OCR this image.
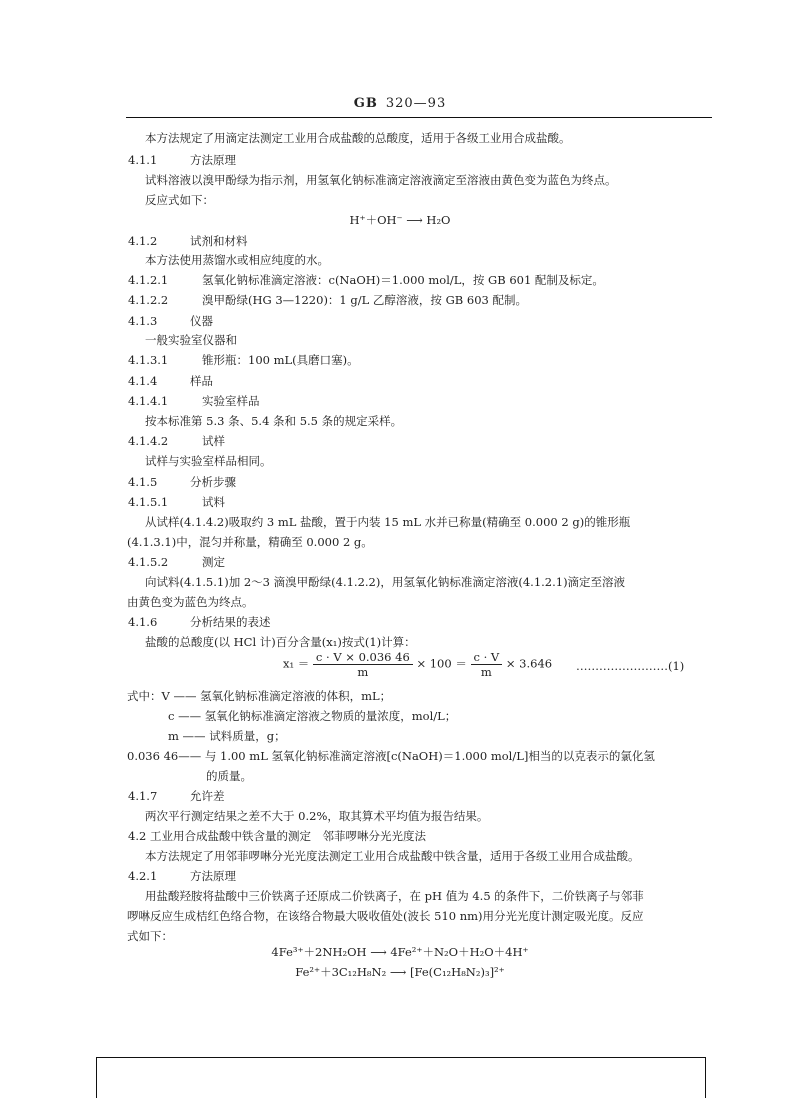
GB 320—93
本方法规定了用滴定法测定工业用合成盐酸的总酸度，适用于各级工业用合成盐酸。
4.1.1	方法原理
试料溶液以溴甲酚绿为指示剂，用氢氧化钠标准滴定溶液滴定至溶液由黄色变为蓝色为终点。
反应式如下：
H⁺＋OH⁻ ⟶ H₂O
4.1.2	试剂和材料
本方法使用蒸馏水或相应纯度的水。
4.1.2.1	氢氧化钠标准滴定溶液：c(NaOH)＝1.000 mol/L，按 GB 601 配制及标定。
4.1.2.2	溴甲酚绿(HG 3—1220)：1 g/L 乙醇溶液，按 GB 603 配制。
4.1.3	仪器
一般实验室仪器和
4.1.3.1	锥形瓶：100 mL(具磨口塞)。
4.1.4	样品
4.1.4.1	实验室样品
按本标准第 5.3 条、5.4 条和 5.5 条的规定采样。
4.1.4.2	试样
试样与实验室样品相同。
4.1.5	分析步骤
4.1.5.1	试料
从试样(4.1.4.2)吸取约 3 mL 盐酸，置于内装 15 mL 水并已称量(精确至 0.000 2 g)的锥形瓶
(4.1.3.1)中，混匀并称量，精确至 0.000 2 g。
4.1.5.2	测定
向试料(4.1.5.1)加 2～3 滴溴甲酚绿(4.1.2.2)，用氢氧化钠标准滴定溶液(4.1.2.1)滴定至溶液
由黄色变为蓝色为终点。
4.1.6	分析结果的表述
盐酸的总酸度(以 HCl 计)百分含量(x₁)按式(1)计算：
$x_1 = \frac{c \cdot V \times 0.036 46}{m} \times 100 = \frac{c \cdot V}{m} \times 3.646$ ……………………(1)
式中：V —— 氢氧化钠标准滴定溶液的体积，mL；
c —— 氢氧化钠标准滴定溶液之物质的量浓度，mol/L；
m —— 试料质量，g；
0.036 46—— 与 1.00 mL 氢氧化钠标准滴定溶液[c(NaOH)＝1.000 mol/L]相当的以克表示的氯化氢
的质量。
4.1.7	允许差
两次平行测定结果之差不大于 0.2%，取其算术平均值为报告结果。
4.2 工业用合成盐酸中铁含量的测定　邻菲啰啉分光光度法
本方法规定了用邻菲啰啉分光光度法测定工业用合成盐酸中铁含量，适用于各级工业用合成盐酸。
4.2.1	方法原理
用盐酸羟胺将盐酸中三价铁离子还原成二价铁离子，在 pH 值为 4.5 的条件下，二价铁离子与邻菲
啰啉反应生成桔红色络合物，在该络合物最大吸收值处(波长 510 nm)用分光光度计测定吸光度。反应
式如下：
4Fe³⁺＋2NH₂OH ⟶ 4Fe²⁺＋N₂O＋H₂O＋4H⁺
Fe²⁺＋3C₁₂H₈N₂ ⟶ [Fe(C₁₂H₈N₂)₃]²⁺
